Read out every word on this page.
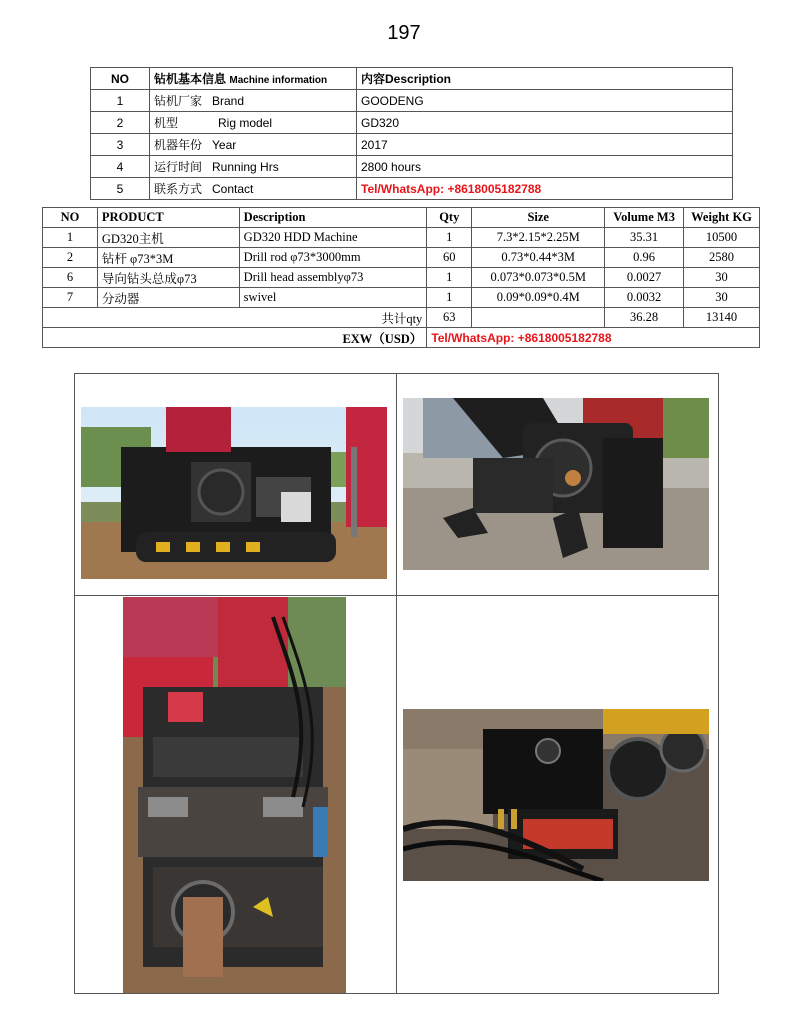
197
NO	钻机基本信息 Machine information	内容Description
1	钻机厂家 Brand	GOODENG
2	机型 Rig model	GD320
3	机器年份 Year	2017
4	运行时间 Running Hrs	2800 hours
5	联系方式 Contact	Tel/WhatsApp: +8618005182788
NO	PRODUCT	Description	Qty	Size	Volume M3	Weight KG
1	GD320主机	GD320 HDD Machine	1	7.3*2.15*2.25M	35.31	10500
2	钻杆 φ73*3M	Drill rod φ73*3000mm	60	0.73*0.44*3M	0.96	2580
6	导向钻头总成φ73	Drill head assemblyφ73	1	0.073*0.073*0.5M	0.0027	30
7	分动器	swivel	1	0.09*0.09*0.4M	0.0032	30
共计qty			63		36.28	13140
EXW（USD）			Tel/WhatsApp: +8618005182788			
